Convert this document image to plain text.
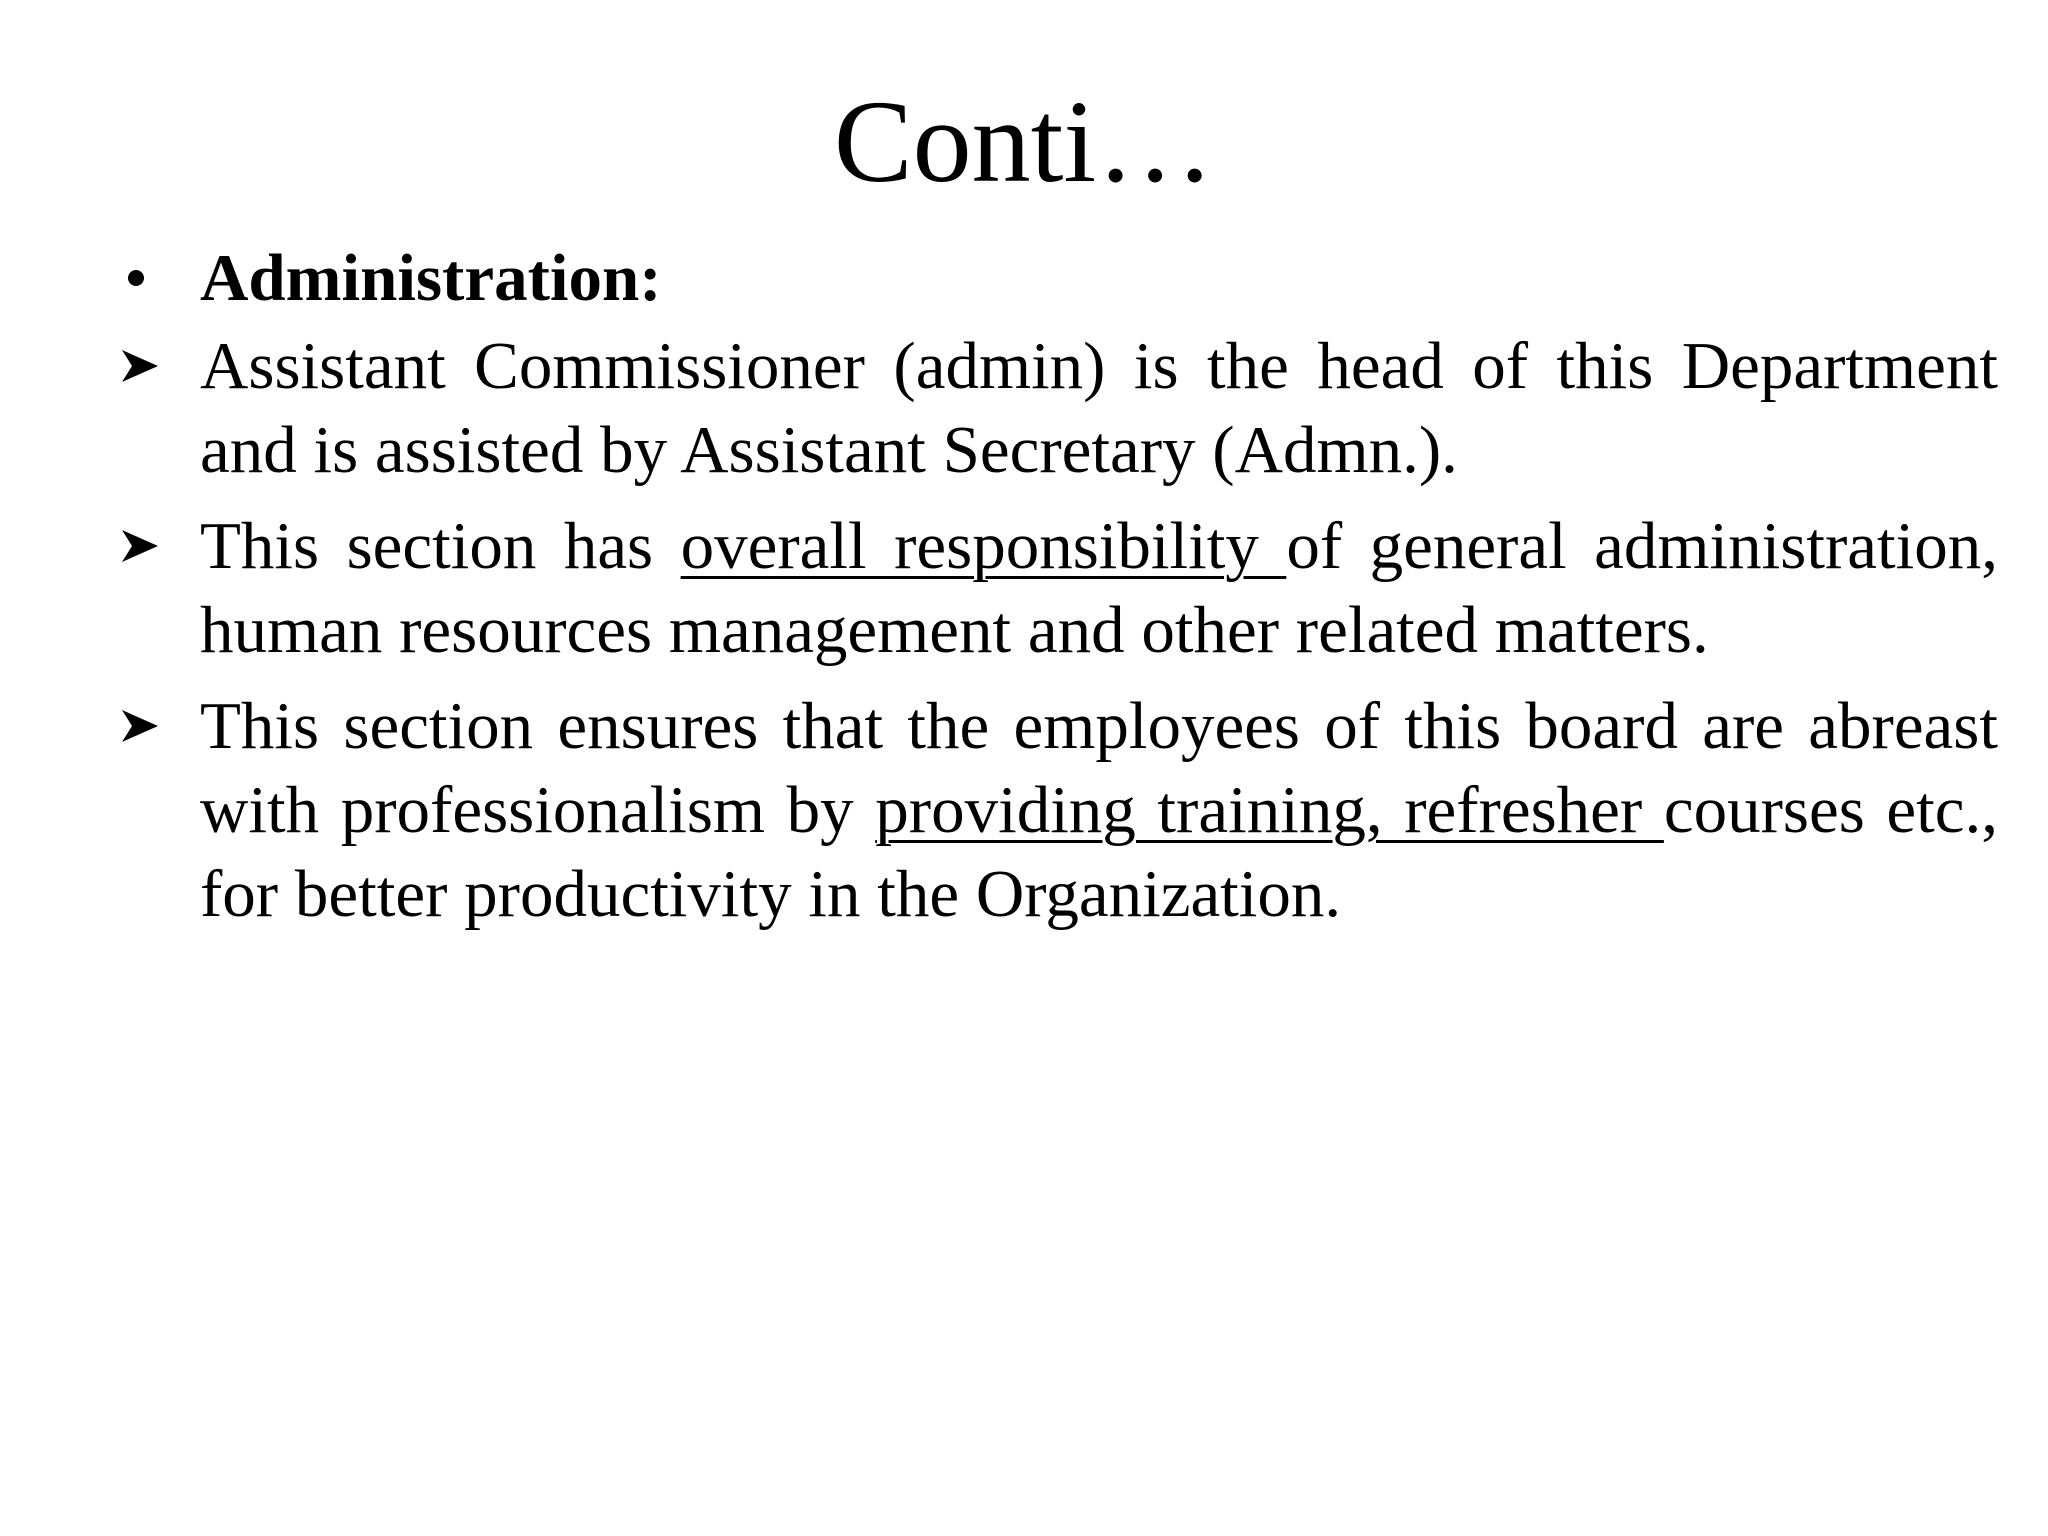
Conti…
Administration:
Assistant Commissioner (admin) is the head of this Department and is assisted by Assistant Secretary (Admn.).
This section has overall responsibility of general administration, human resources management and other related matters.
This section ensures that the employees of this board are abreast with professionalism by providing training, refresher courses etc., for better productivity in the Organization.
